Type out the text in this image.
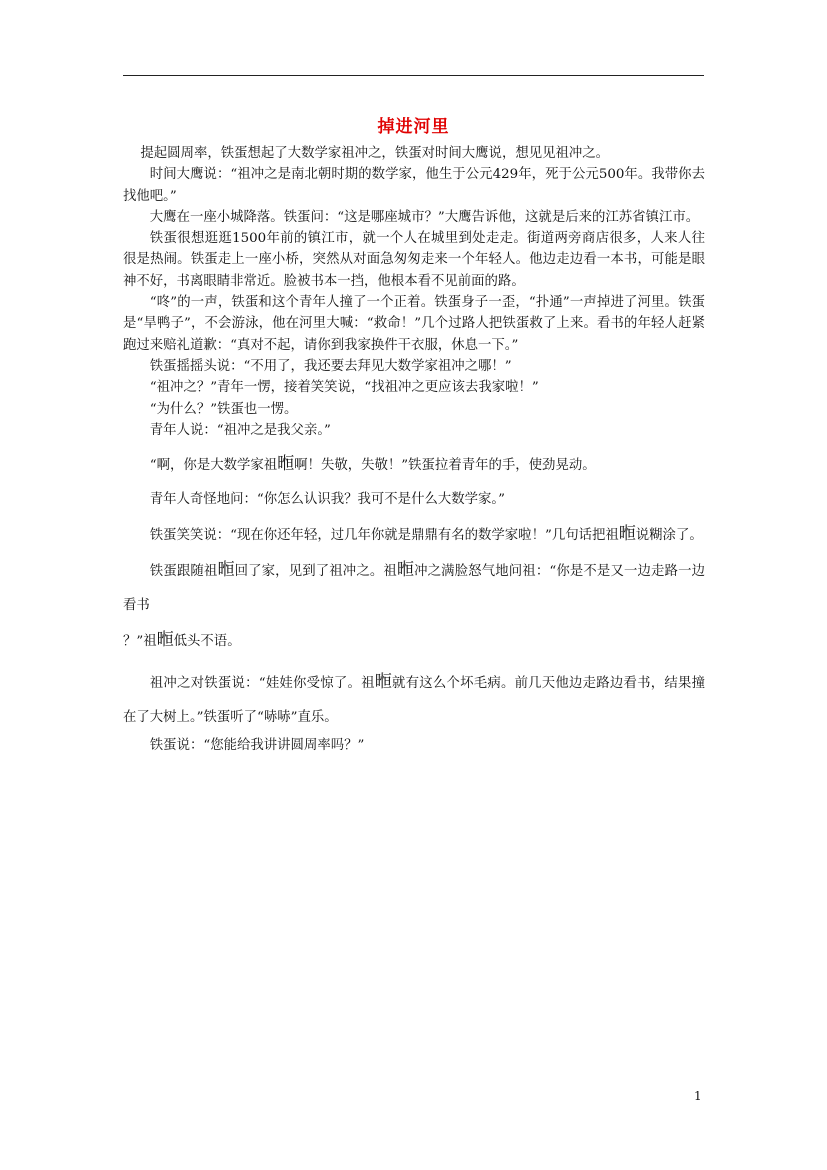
掉进河里

提起圆周率，铁蛋想起了大数学家祖冲之，铁蛋对时间大鹰说，想见见祖冲之。

时间大鹰说：“祖冲之是南北朝时期的数学家，他生于公元429年，死于公元500年。我带你去找他吧。”

大鹰在一座小城降落。铁蛋问：“这是哪座城市？”大鹰告诉他，这就是后来的江苏省镇江市。

铁蛋很想逛逛1500年前的镇江市，就一个人在城里到处走走。街道两旁商店很多，人来人往很是热闹。铁蛋走上一座小桥，突然从对面急匆匆走来一个年轻人。他边走边看一本书，可能是眼神不好，书离眼睛非常近。脸被书本一挡，他根本看不见前面的路。

“咚”的一声，铁蛋和这个青年人撞了一个正着。铁蛋身子一歪，“扑通”一声掉进了河里。铁蛋是“旱鸭子”，不会游泳，他在河里大喊：“救命！”几个过路人把铁蛋救了上来。看书的年轻人赶紧跑过来赔礼道歉：“真对不起，请你到我家换件干衣服，休息一下。”

铁蛋摇摇头说：“不用了，我还要去拜见大数学家祖冲之哪！”

“祖冲之？”青年一愣，接着笑笑说，“找祖冲之更应该去我家啦！”

“为什么？”铁蛋也一愣。

青年人说：“祖冲之是我父亲。”

“啊，你是大数学家祖暅啊！失敬，失敬！”铁蛋拉着青年的手，使劲晃动。

青年人奇怪地问：“你怎么认识我？我可不是什么大数学家。”

铁蛋笑笑说：“现在你还年轻，过几年你就是鼎鼎有名的数学家啦！”几句话把祖暅说糊涂了。

铁蛋跟随祖暅回了家，见到了祖冲之。祖暅冲之满脸怒气地问祖：“你是不是又一边走路一边看书

？”祖暅低头不语。

祖冲之对铁蛋说：“娃娃你受惊了。祖暅就有这么个坏毛病。前几天他边走路边看书，结果撞在了大树上。”铁蛋听了“哧哧”直乐。

铁蛋说：“您能给我讲讲圆周率吗？”

1
